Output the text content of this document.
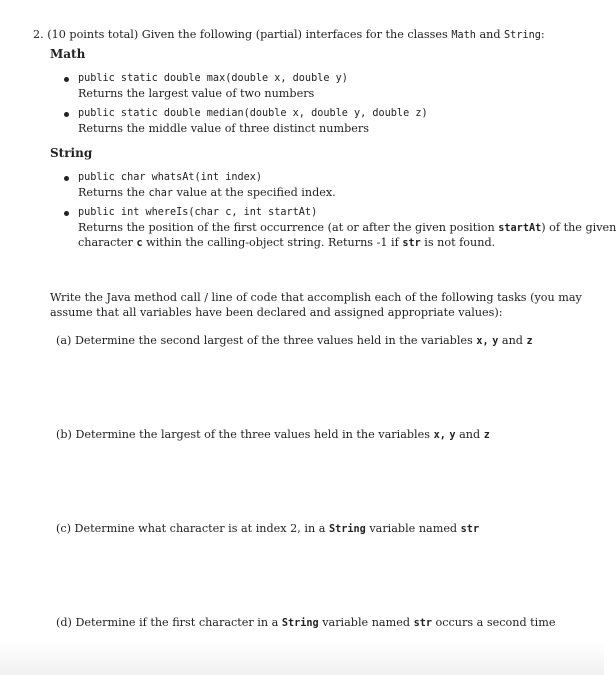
2. (10 points total) Given the following (partial) interfaces for the classes Math and String:
Math
public static double max(double x, double y)
Returns the largest value of two numbers
public static double median(double x, double y, double z)
Returns the middle value of three distinct numbers
String
public char whatsAt(int index)
Returns the char value at the specified index.
public int whereIs(char c, int startAt)
Returns the position of the first occurrence (at or after the given position startAt) of the given
character c within the calling-object string. Returns -1 if str is not found.
Write the Java method call / line of code that accomplish each of the following tasks (you may
assume that all variables have been declared and assigned appropriate values):
(a) Determine the second largest of the three values held in the variables x, y and z
(b) Determine the largest of the three values held in the variables x, y and z
(c) Determine what character is at index 2, in a String variable named str
(d) Determine if the first character in a String variable named str occurs a second time
